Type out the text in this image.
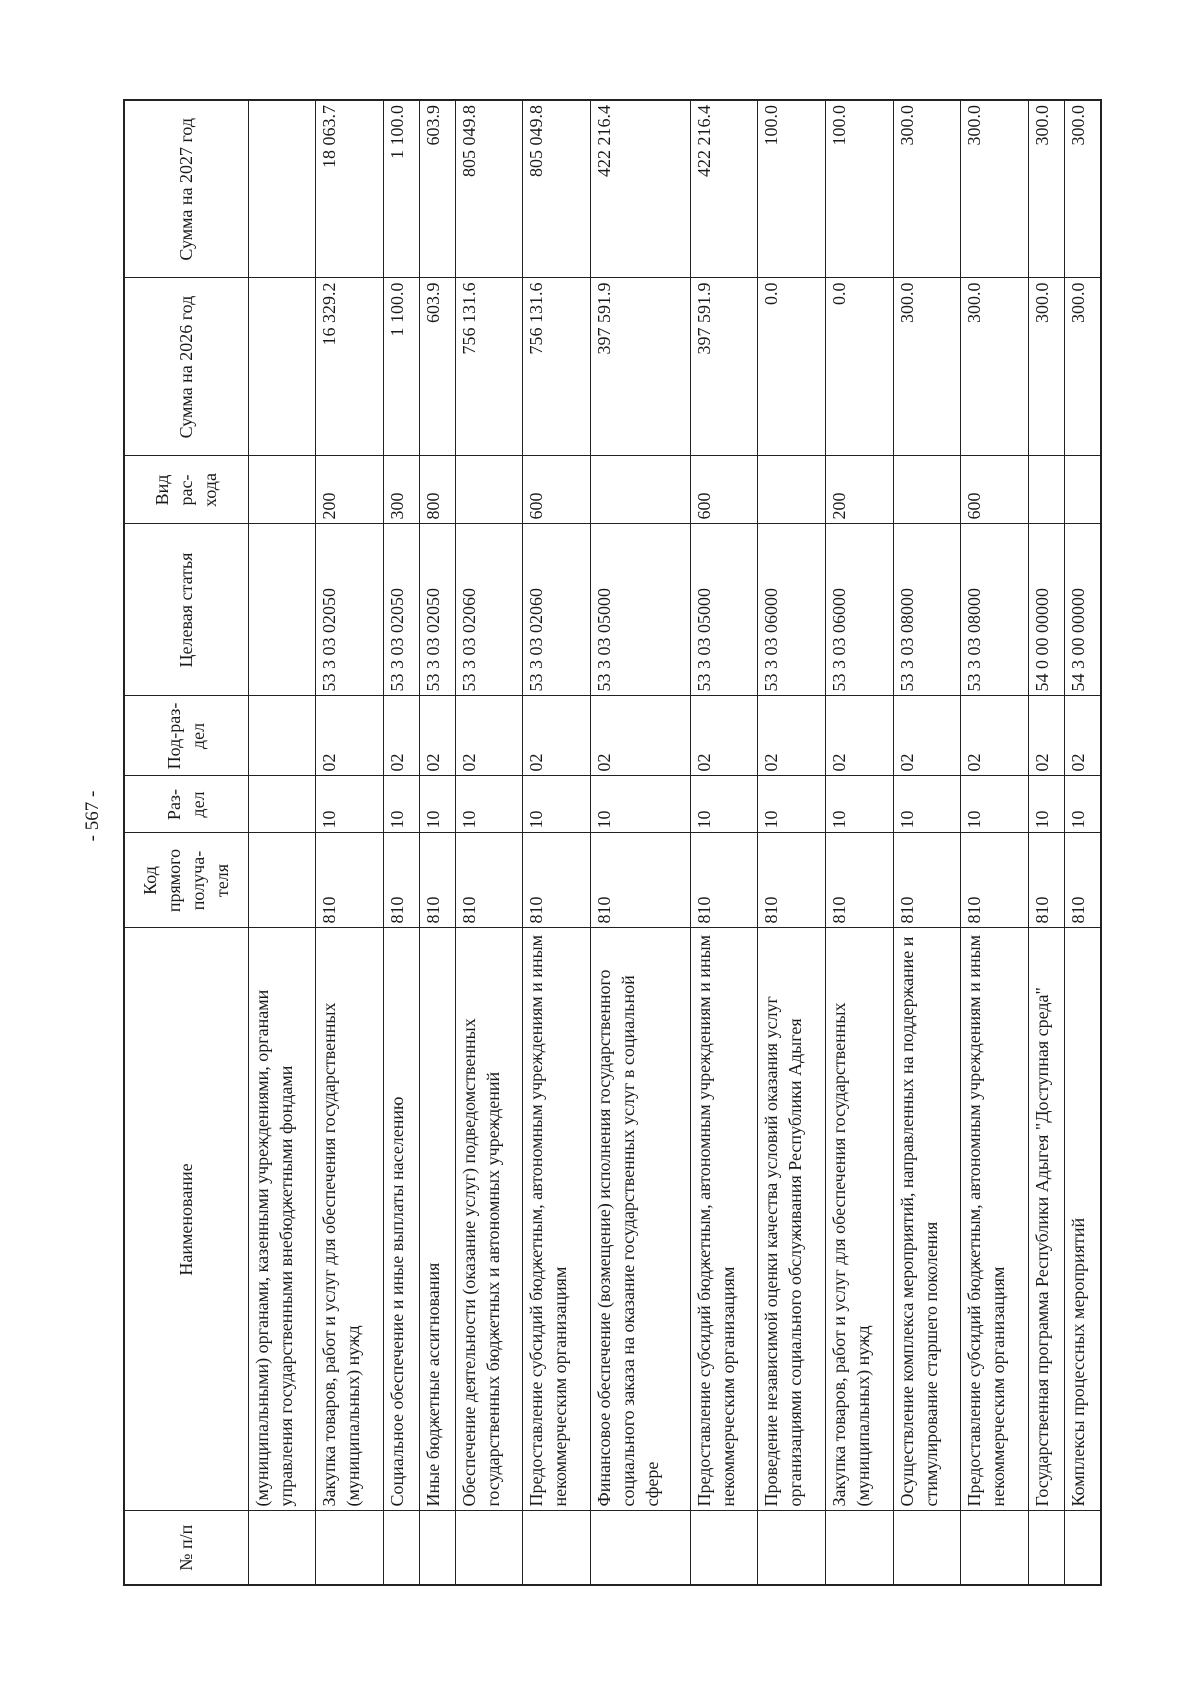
- 567 -
№ п/п	Наименование	Код прямого получа-теля	Раз-дел	Под-раз-дел	Целевая статья	Вид рас-хода	Сумма на 2026 год	Сумма на 2027 год
	(муниципальными) органами, казенными учреждениями, органами управления государственными внебюджетными фондами							
	Закупка товаров, работ и услуг для обеспечения государственных (муниципальных) нужд	810	10	02	53 3 03 02050	200	16 329.2	18 063.7
	Социальное обеспечение и иные выплаты населению	810	10	02	53 3 03 02050	300	1 100.0	1 100.0
	Иные бюджетные ассигнования	810	10	02	53 3 03 02050	800	603.9	603.9
	Обеспечение деятельности (оказание услуг) подведомственных государственных бюджетных и автономных учреждений	810	10	02	53 3 03 02060		756 131.6	805 049.8
	Предоставление субсидий бюджетным, автономным учреждениям и иным некоммерческим организациям	810	10	02	53 3 03 02060	600	756 131.6	805 049.8
	Финансовое обеспечение (возмещение) исполнения государственного социального заказа на оказание государственных услуг в социальной сфере	810	10	02	53 3 03 05000		397 591.9	422 216.4
	Предоставление субсидий бюджетным, автономным учреждениям и иным некоммерческим организациям	810	10	02	53 3 03 05000	600	397 591.9	422 216.4
	Проведение независимой оценки качества условий оказания услуг организациями социального обслуживания Республики Адыгея	810	10	02	53 3 03 06000		0.0	100.0
	Закупка товаров, работ и услуг для обеспечения государственных (муниципальных) нужд	810	10	02	53 3 03 06000	200	0.0	100.0
	Осуществление комплекса мероприятий, направленных на поддержание и стимулирование старшего поколения	810	10	02	53 3 03 08000		300.0	300.0
	Предоставление субсидий бюджетным, автономным учреждениям и иным некоммерческим организациям	810	10	02	53 3 03 08000	600	300.0	300.0
	Государственная программа Республики Адыгея "Доступная среда"	810	10	02	54 0 00 00000		300.0	300.0
	Комплексы процессных мероприятий	810	10	02	54 3 00 00000		300.0	300.0
